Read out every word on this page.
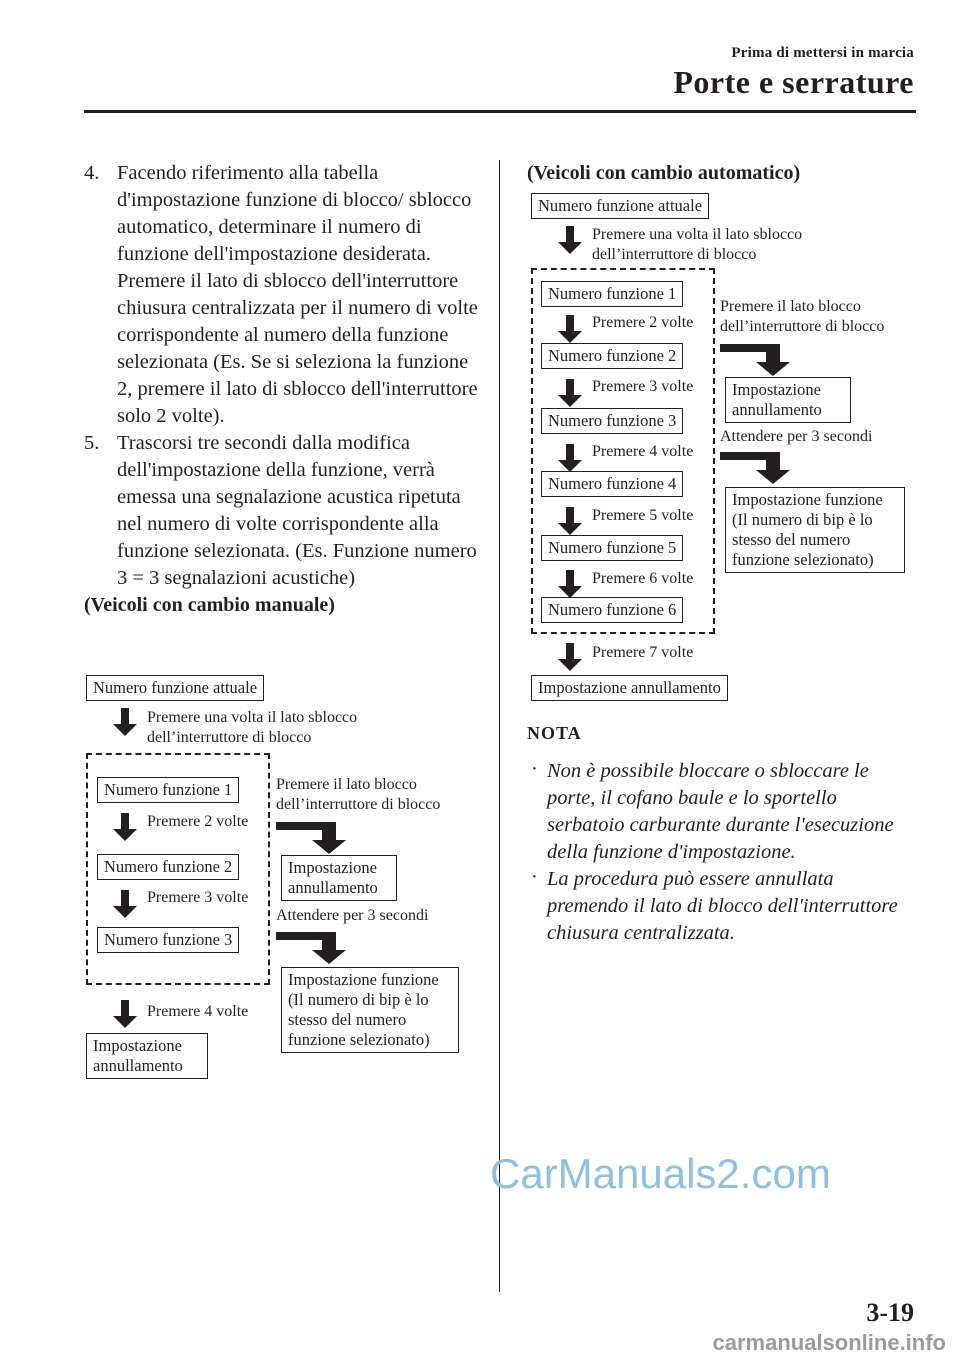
Prima di mettersi in marcia
Porte e serrature
4. Facendo riferimento alla tabella d'impostazione funzione di blocco/ sblocco automatico, determinare il numero di funzione dell'impostazione desiderata. Premere il lato di sblocco dell'interruttore chiusura centralizzata per il numero di volte corrispondente al numero della funzione selezionata (Es. Se si seleziona la funzione 2, premere il lato di sblocco dell'interruttore solo 2 volte).
5. Trascorsi tre secondi dalla modifica dell'impostazione della funzione, verrà emessa una segnalazione acustica ripetuta nel numero di volte corrispondente alla funzione selezionata. (Es. Funzione numero 3 = 3 segnalazioni acustiche)
(Veicoli con cambio manuale)
Numero funzione attuale
Premere una volta il lato sblocco
dell’interruttore di blocco
Numero funzione 1
Premere 2 volte
Numero funzione 2
Premere 3 volte
Numero funzione 3
Premere 4 volte
Impostazione
annullamento
Premere il lato blocco
dell’interruttore di blocco
Impostazione
annullamento
Attendere per 3 secondi
Impostazione funzione (Il numero di bip è lo stesso del numero funzione selezionato)
(Veicoli con cambio automatico)
Numero funzione attuale
Premere una volta il lato sblocco
dell’interruttore di blocco
Numero funzione 1
Premere 2 volte
Numero funzione 2
Premere 3 volte
Numero funzione 3
Premere 4 volte
Numero funzione 4
Premere 5 volte
Numero funzione 5
Premere 6 volte
Numero funzione 6
Premere 7 volte
Impostazione annullamento
Premere il lato blocco
dell’interruttore di blocco
Impostazione
annullamento
Attendere per 3 secondi
Impostazione funzione (Il numero di bip è lo stesso del numero funzione selezionato)
NOTA
· Non è possibile bloccare o sbloccare le porte, il cofano baule e lo sportello serbatoio carburante durante l'esecuzione della funzione d'impostazione.
· La procedura può essere annullata premendo il lato di blocco dell'interruttore chiusura centralizzata.
CarManuals2.com
3-19
carmanualsonline.info
